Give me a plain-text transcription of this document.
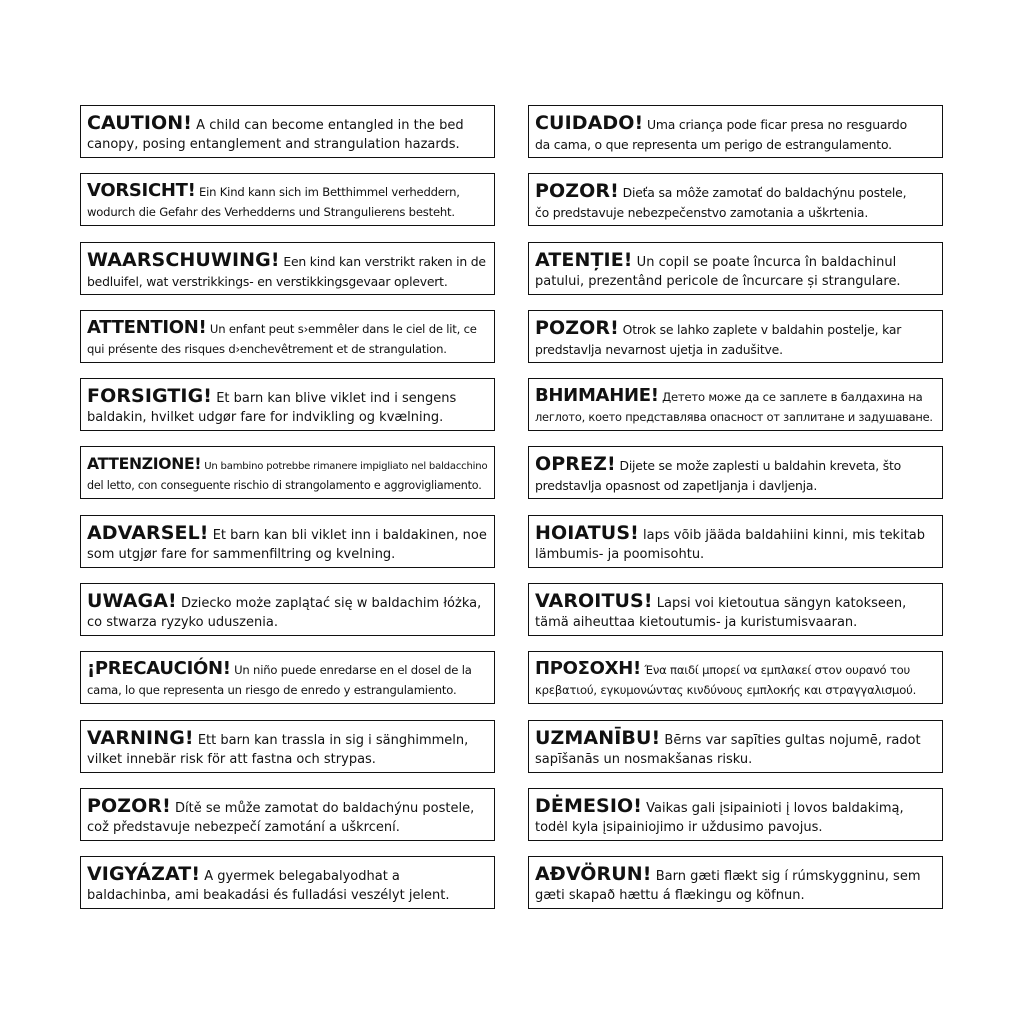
CAUTION! A child can become entangled in the bed
canopy, posing entanglement and strangulation hazards.
VORSICHT! Ein Kind kann sich im Betthimmel verheddern,
wodurch die Gefahr des Verhedderns und Strangulierens besteht.
WAARSCHUWING! Een kind kan verstrikt raken in de
bedluifel, wat verstrikkings- en verstikkingsgevaar oplevert.
ATTENTION! Un enfant peut s›emmêler dans le ciel de lit, ce
qui présente des risques d›enchevêtrement et de strangulation.
FORSIGTIG! Et barn kan blive viklet ind i sengens
baldakin, hvilket udgør fare for indvikling og kvælning.
ATTENZIONE! Un bambino potrebbe rimanere impigliato nel baldacchino
del letto, con conseguente rischio di strangolamento e aggrovigliamento.
ADVARSEL! Et barn kan bli viklet inn i baldakinen, noe
som utgjør fare for sammenfiltring og kvelning.
UWAGA! Dziecko może zaplątać się w baldachim łóżka,
co stwarza ryzyko uduszenia.
¡PRECAUCIÓN! Un niño puede enredarse en el dosel de la
cama, lo que representa un riesgo de enredo y estrangulamiento.
VARNING! Ett barn kan trassla in sig i sänghimmeln,
vilket innebär risk för att fastna och strypas.
POZOR! Dítě se může zamotat do baldachýnu postele,
což představuje nebezpečí zamotání a uškrcení.
VIGYÁZAT! A gyermek belegabalyodhat a
baldachinba, ami beakadási és fulladási veszélyt jelent.
CUIDADO! Uma criança pode ficar presa no resguardo
da cama, o que representa um perigo de estrangulamento.
POZOR! Dieťa sa môže zamotať do baldachýnu postele,
čo predstavuje nebezpečenstvo zamotania a uškrtenia.
ATENȚIE! Un copil se poate încurca în baldachinul
patului, prezentând pericole de încurcare și strangulare.
POZOR! Otrok se lahko zaplete v baldahin postelje, kar
predstavlja nevarnost ujetja in zadušitve.
ВНИМАНИЕ! Детето може да се заплете в балдахина на
леглото, което представлява опасност от заплитане и задушаване.
OPREZ! Dijete se može zaplesti u baldahin kreveta, što
predstavlja opasnost od zapetljanja i davljenja.
HOIATUS! laps võib jääda baldahiini kinni, mis tekitab
lämbumis- ja poomisohtu.
VAROITUS! Lapsi voi kietoutua sängyn katokseen,
tämä aiheuttaa kietoutumis- ja kuristumisvaaran.
ΠΡΟΣΟΧΗ! Ένα παιδί μπορεί να εμπλακεί στον ουρανό του
κρεβατιού, εγκυμονώντας κινδύνους εμπλοκής και στραγγαλισμού.
UZMANĪBU! Bērns var sapīties gultas nojumē, radot
sapīšanās un nosmakšanas risku.
DĖMESIO! Vaikas gali įsipainioti į lovos baldakimą,
todėl kyla įsipainiojimo ir uždusimo pavojus.
AÐVÖRUN! Barn gæti flækt sig í rúmskyggninu, sem
gæti skapað hættu á flækingu og köfnun.
